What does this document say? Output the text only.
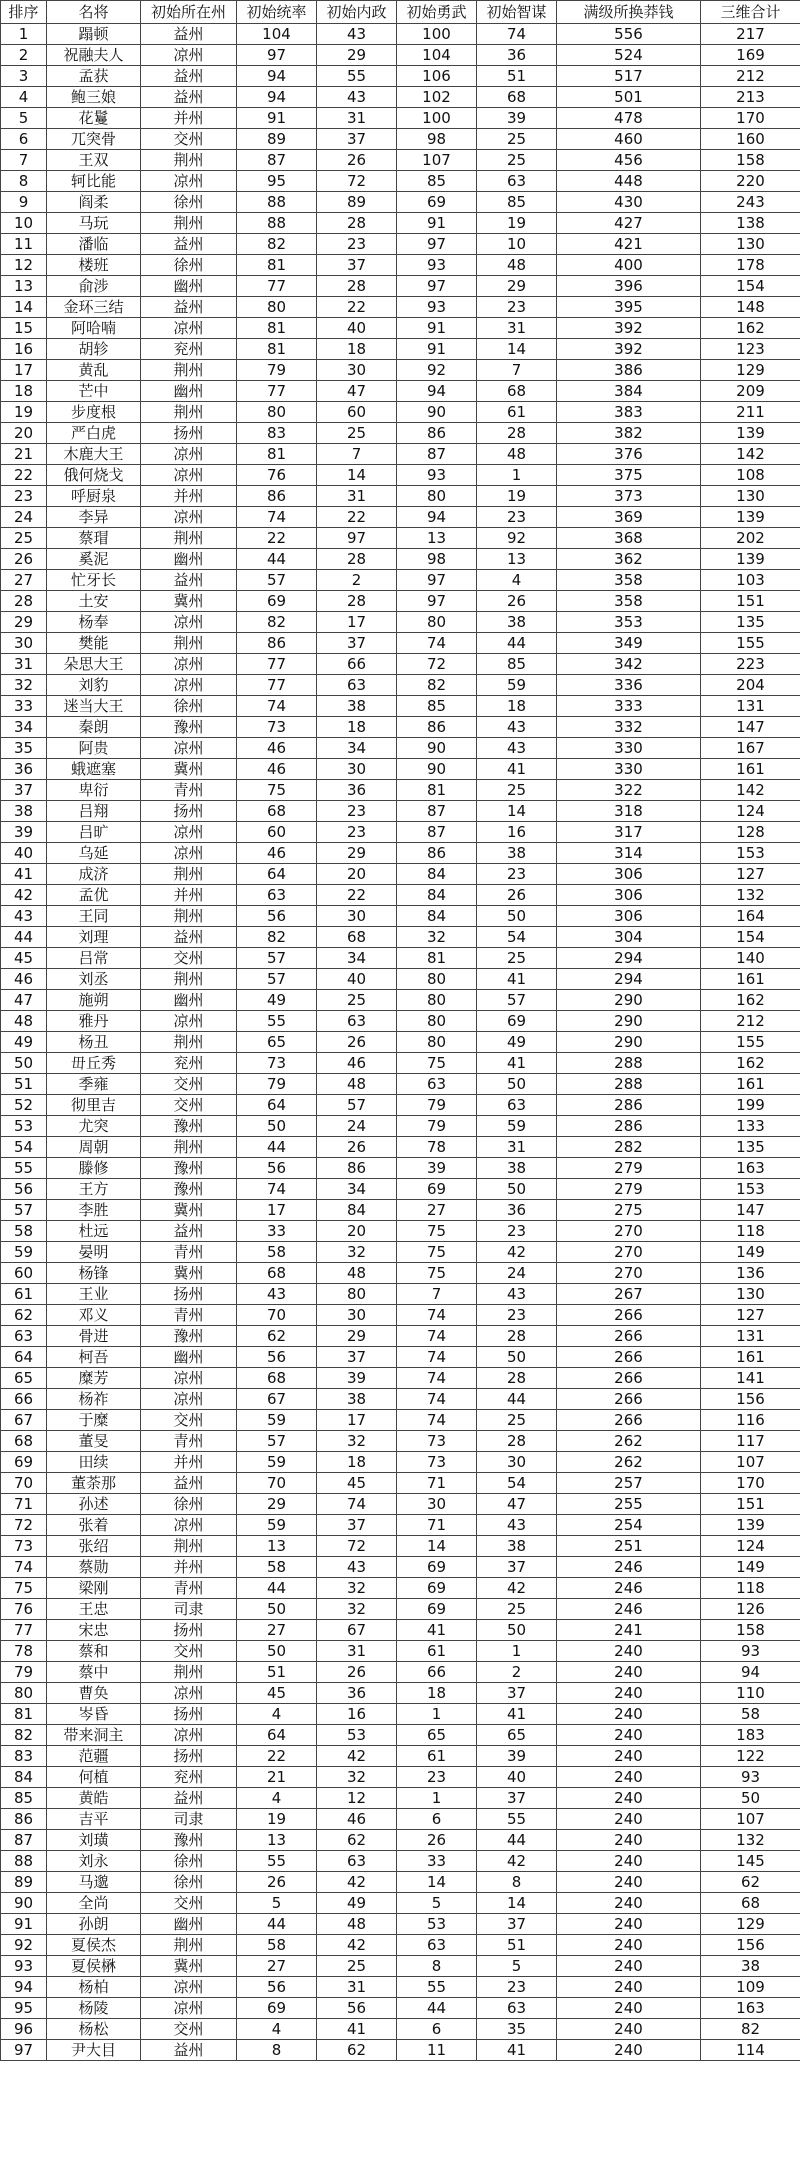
排序	名将	初始所在州	初始统率	初始内政	初始勇武	初始智谋	满级所换莽钱	三维合计
1	蹋顿	益州	104	43	100	74	556	217
2	祝融夫人	凉州	97	29	104	36	524	169
3	孟获	益州	94	55	106	51	517	212
4	鲍三娘	益州	94	43	102	68	501	213
5	花鬘	并州	91	31	100	39	478	170
6	兀突骨	交州	89	37	98	25	460	160
7	王双	荆州	87	26	107	25	456	158
8	轲比能	凉州	95	72	85	63	448	220
9	阎柔	徐州	88	89	69	85	430	243
10	马玩	荆州	88	28	91	19	427	138
11	潘临	益州	82	23	97	10	421	130
12	楼班	徐州	81	37	93	48	400	178
13	俞涉	幽州	77	28	97	29	396	154
14	金环三结	益州	80	22	93	23	395	148
15	阿哈喃	凉州	81	40	91	31	392	162
16	胡轸	兖州	81	18	91	14	392	123
17	黄乱	荆州	79	30	92	7	386	129
18	芒中	幽州	77	47	94	68	384	209
19	步度根	荆州	80	60	90	61	383	211
20	严白虎	扬州	83	25	86	28	382	139
21	木鹿大王	凉州	81	7	87	48	376	142
22	俄何烧戈	凉州	76	14	93	1	375	108
23	呼厨泉	并州	86	31	80	19	373	130
24	李异	凉州	74	22	94	23	369	139
25	蔡瑁	荆州	22	97	13	92	368	202
26	奚泥	幽州	44	28	98	13	362	139
27	忙牙长	益州	57	2	97	4	358	103
28	土安	冀州	69	28	97	26	358	151
29	杨奉	凉州	82	17	80	38	353	135
30	樊能	荆州	86	37	74	44	349	155
31	朵思大王	凉州	77	66	72	85	342	223
32	刘豹	凉州	77	63	82	59	336	204
33	迷当大王	徐州	74	38	85	18	333	131
34	秦朗	豫州	73	18	86	43	332	147
35	阿贵	凉州	46	34	90	43	330	167
36	蛾遮塞	冀州	46	30	90	41	330	161
37	卑衍	青州	75	36	81	25	322	142
38	吕翔	扬州	68	23	87	14	318	124
39	吕旷	凉州	60	23	87	16	317	128
40	乌延	凉州	46	29	86	38	314	153
41	成济	荆州	64	20	84	23	306	127
42	孟优	并州	63	22	84	26	306	132
43	王同	荆州	56	30	84	50	306	164
44	刘理	益州	82	68	32	54	304	154
45	吕常	交州	57	34	81	25	294	140
46	刘丞	荆州	57	40	80	41	294	161
47	施朔	幽州	49	25	80	57	290	162
48	雅丹	凉州	55	63	80	69	290	212
49	杨丑	荆州	65	26	80	49	290	155
50	毌丘秀	兖州	73	46	75	41	288	162
51	季雍	交州	79	48	63	50	288	161
52	彻里吉	交州	64	57	79	63	286	199
53	尤突	豫州	50	24	79	59	286	133
54	周朝	荆州	44	26	78	31	282	135
55	滕修	豫州	56	86	39	38	279	163
56	王方	豫州	74	34	69	50	279	153
57	李胜	冀州	17	84	27	36	275	147
58	杜远	益州	33	20	75	23	270	118
59	晏明	青州	58	32	75	42	270	149
60	杨锋	冀州	68	48	75	24	270	136
61	王业	扬州	43	80	7	43	267	130
62	邓义	青州	70	30	74	23	266	127
63	骨进	豫州	62	29	74	28	266	131
64	柯吾	幽州	56	37	74	50	266	161
65	糜芳	凉州	68	39	74	28	266	141
66	杨祚	凉州	67	38	74	44	266	156
67	于糜	交州	59	17	74	25	266	116
68	董旻	青州	57	32	73	28	262	117
69	田续	并州	59	18	73	30	262	107
70	董荼那	益州	70	45	71	54	257	170
71	孙述	徐州	29	74	30	47	255	151
72	张着	凉州	59	37	71	43	254	139
73	张绍	荆州	13	72	14	38	251	124
74	蔡勋	并州	58	43	69	37	246	149
75	梁刚	青州	44	32	69	42	246	118
76	王忠	司隶	50	32	69	25	246	126
77	宋忠	扬州	27	67	41	50	241	158
78	蔡和	交州	50	31	61	1	240	93
79	蔡中	荆州	51	26	66	2	240	94
80	曹奂	凉州	45	36	18	37	240	110
81	岑昏	扬州	4	16	1	41	240	58
82	带来洞主	凉州	64	53	65	65	240	183
83	范疆	扬州	22	42	61	39	240	122
84	何植	兖州	21	32	23	40	240	93
85	黄皓	益州	4	12	1	37	240	50
86	吉平	司隶	19	46	6	55	240	107
87	刘璜	豫州	13	62	26	44	240	132
88	刘永	徐州	55	63	33	42	240	145
89	马邈	徐州	26	42	14	8	240	62
90	全尚	交州	5	49	5	14	240	68
91	孙朗	幽州	44	48	53	37	240	129
92	夏侯杰	荆州	58	42	63	51	240	156
93	夏侯楙	冀州	27	25	8	5	240	38
94	杨柏	凉州	56	31	55	23	240	109
95	杨陵	凉州	69	56	44	63	240	163
96	杨松	交州	4	41	6	35	240	82
97	尹大目	益州	8	62	11	41	240	114
